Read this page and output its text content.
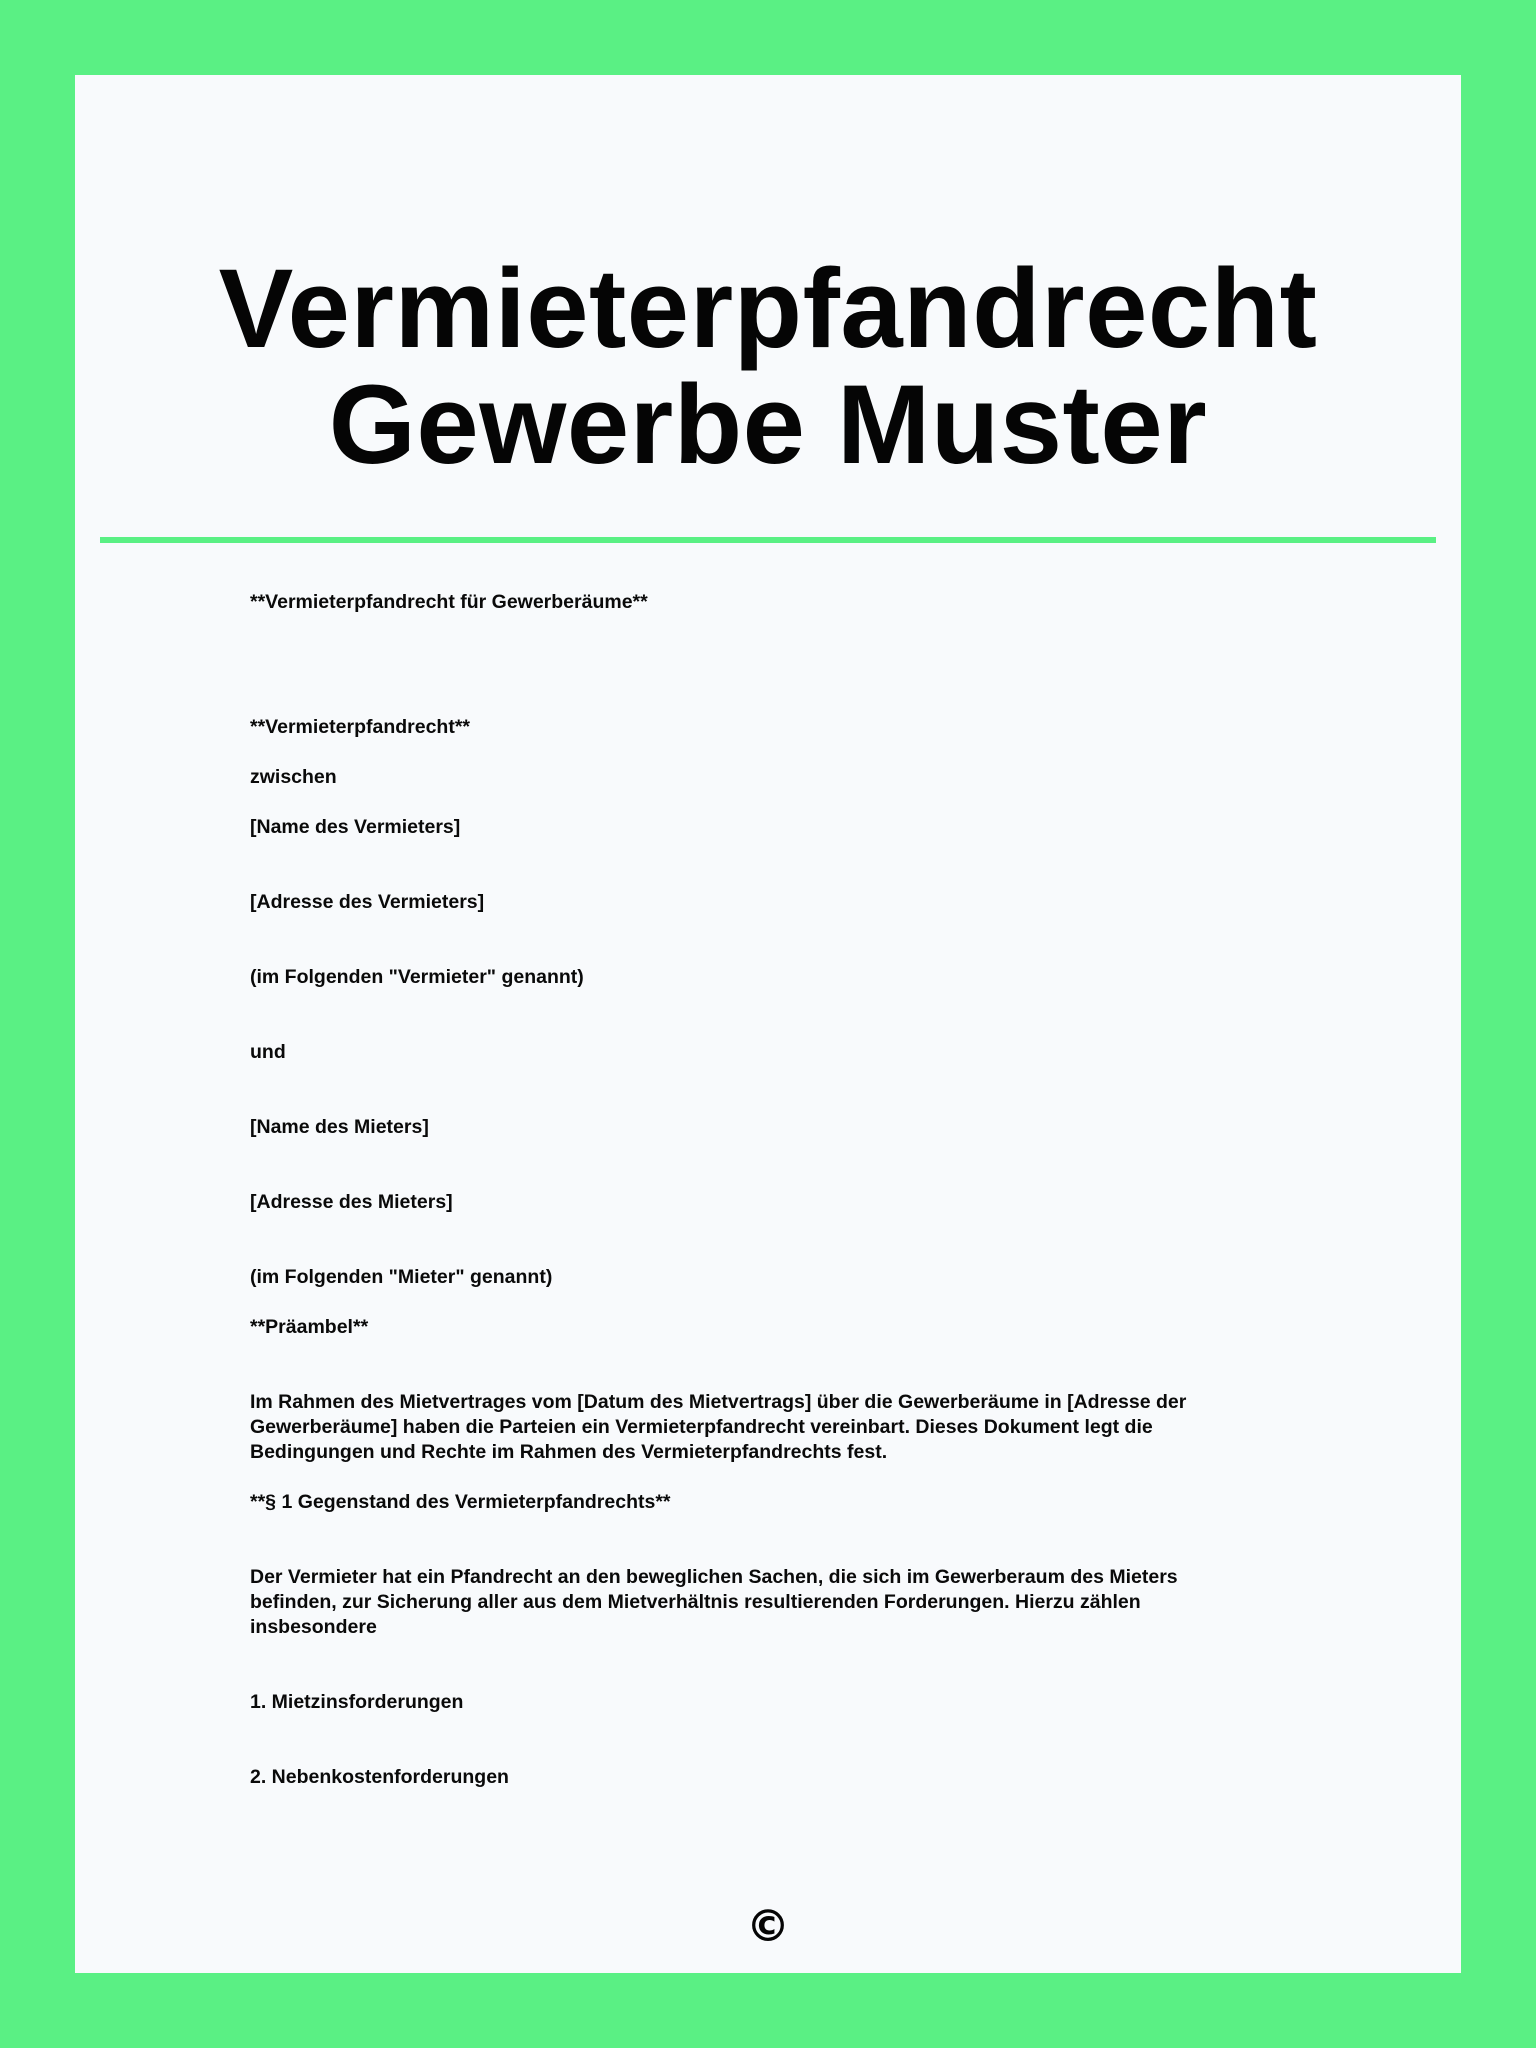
Vermieterpfandrecht
Gewerbe Muster

**Vermieterpfandrecht für Gewerberäume**

**Vermieterpfandrecht**

zwischen

[Name des Vermieters]

[Adresse des Vermieters]

(im Folgenden "Vermieter" genannt)

und

[Name des Mieters]

[Adresse des Mieters]

(im Folgenden "Mieter" genannt)

**Präambel**

Im Rahmen des Mietvertrages vom [Datum des Mietvertrags] über die Gewerberäume in [Adresse der Gewerberäume] haben die Parteien ein Vermieterpfandrecht vereinbart. Dieses Dokument legt die Bedingungen und Rechte im Rahmen des Vermieterpfandrechts fest.

**§ 1 Gegenstand des Vermieterpfandrechts**

Der Vermieter hat ein Pfandrecht an den beweglichen Sachen, die sich im Gewerberaum des Mieters befinden, zur Sicherung aller aus dem Mietverhältnis resultierenden Forderungen. Hierzu zählen insbesondere

1. Mietzinsforderungen

2. Nebenkostenforderungen

©
